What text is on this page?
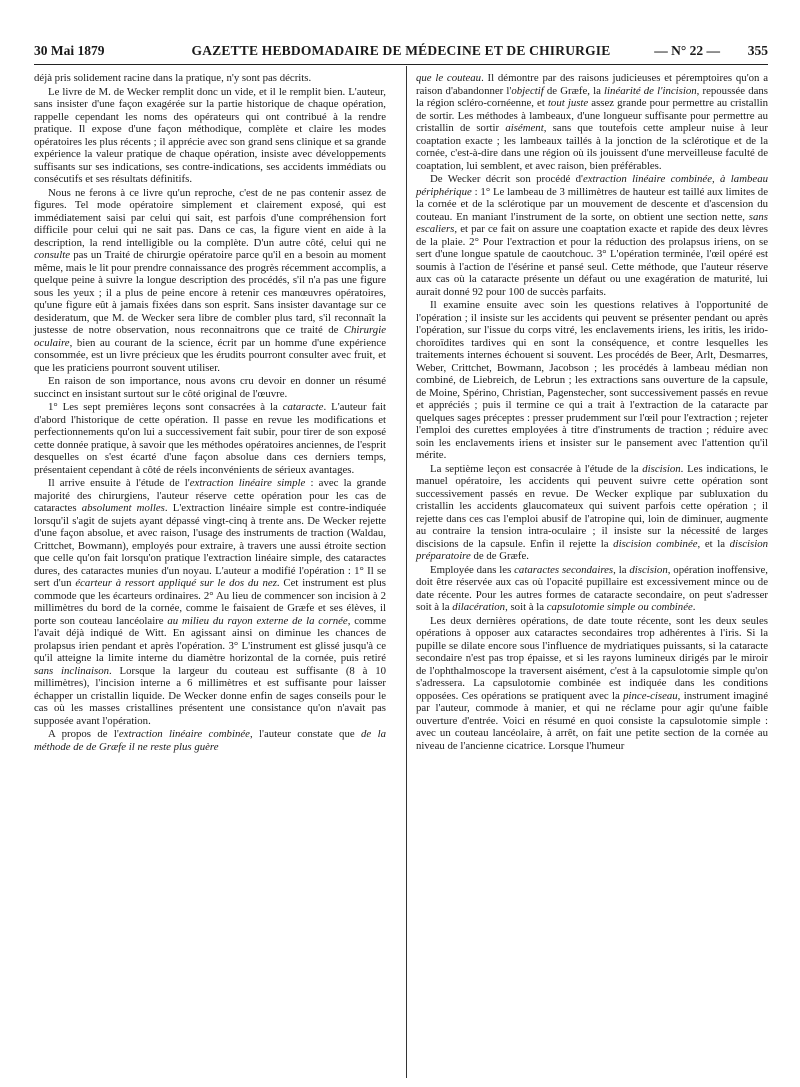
30 Mai 1879	GAZETTE HEBDOMADAIRE DE MÉDECINE ET DE CHIRURGIE	— N° 22 — 355

déjà pris solidement racine dans la pratique, n'y sont pas décrits.

Le livre de M. de Wecker remplit donc un vide, et il le remplit bien. L'auteur, sans insister d'une façon exagérée sur la partie historique de chaque opération, rappelle cependant les noms des opérateurs qui ont contribué à la rendre pratique. Il expose d'une façon méthodique, complète et claire les modes opératoires les plus récents ; il apprécie avec son grand sens clinique et sa grande expérience la valeur pratique de chaque opération, insiste avec développements suffisants sur ses indications, ses contre-indications, ses accidents immédiats ou consécutifs et ses résultats définitifs.

Nous ne ferons à ce livre qu'un reproche, c'est de ne pas contenir assez de figures. Tel mode opératoire simplement et clairement exposé, qui est immédiatement saisi par celui qui sait, est parfois d'une compréhension fort difficile pour celui qui ne sait pas. Dans ce cas, la figure vient en aide à la description, la rend intelligible ou la complète. D'un autre côté, celui qui ne consulte pas un Traité de chirurgie opératoire parce qu'il en a besoin au moment même, mais le lit pour prendre connaissance des progrès récemment accomplis, a quelque peine à suivre la longue description des procédés, s'il n'a pas une figure sous les yeux ; il a plus de peine encore à retenir ces manœuvres opératoires, qu'une figure eût à jamais fixées dans son esprit. Sans insister davantage sur ce desideratum, que M. de Wecker sera libre de combler plus tard, s'il reconnaît la justesse de notre observation, nous reconnaitrons que ce traité de Chirurgie oculaire, bien au courant de la science, écrit par un homme d'une expérience consommée, est un livre précieux que les érudits pourront consulter avec fruit, et que les praticiens pourront souvent utiliser.

En raison de son importance, nous avons cru devoir en donner un résumé succinct en insistant surtout sur le côté original de l'œuvre.

1° Les sept premières leçons sont consacrées à la cataracte. L'auteur fait d'abord l'historique de cette opération. Il passe en revue les modifications et perfectionnements qu'on lui a successivement fait subir, pour tirer de son exposé cette donnée pratique, à savoir que les méthodes opératoires anciennes, de l'esprit desquelles on s'est écarté d'une façon absolue dans ces derniers temps, présentaient cependant à côté de réels inconvénients de sérieux avantages.

Il arrive ensuite à l'étude de l'extraction linéaire simple : avec la grande majorité des chirurgiens, l'auteur réserve cette opération pour les cas de cataractes absolument molles. L'extraction linéaire simple est contre-indiquée lorsqu'il s'agit de sujets ayant dépassé vingt-cinq à trente ans. De Wecker rejette d'une façon absolue, et avec raison, l'usage des instruments de traction (Waldau, Crittchet, Bowmann), employés pour extraire, à travers une aussi étroite section que celle qu'on fait lorsqu'on pratique l'extraction linéaire simple, des cataractes dures, des cataractes munies d'un noyau. L'auteur a modifié l'opération : 1° Il se sert d'un écarteur à ressort appliqué sur le dos du nez. Cet instrument est plus commode que les écarteurs ordinaires. 2° Au lieu de commencer son incision à 2 millimètres du bord de la cornée, comme le faisaient de Græfe et ses élèves, il porte son couteau lancéolaire au milieu du rayon externe de la cornée, comme l'avait déjà indiqué de Witt. En agissant ainsi on diminue les chances de prolapsus irien pendant et après l'opération. 3° L'instrument est glissé jusqu'à ce qu'il atteigne la limite interne du diamètre horizontal de la cornée, puis retiré sans inclinaison. Lorsque la largeur du couteau est suffisante (8 à 10 millimètres), l'incision interne a 6 millimètres et est suffisante pour laisser échapper un cristallin liquide. De Wecker donne enfin de sages conseils pour le cas où les masses cristallines présentent une consistance qu'on n'avait pas supposée avant l'opération.

A propos de l'extraction linéaire combinée, l'auteur constate que de la méthode de de Græfe il ne reste plus guère

que le couteau. Il démontre par des raisons judicieuses et péremptoires qu'on a raison d'abandonner l'objectif de Græfe, la linéarité de l'incision, repoussée dans la région scléro-cornéenne, et tout juste assez grande pour permettre au cristallin de sortir. Les méthodes à lambeaux, d'une longueur suffisante pour permettre au cristallin de sortir aisément, sans que toutefois cette ampleur nuise à leur coaptation exacte ; les lambeaux taillés à la jonction de la sclérotique et de la cornée, c'est-à-dire dans une région où ils jouissent d'une merveilleuse faculté de coaptation, lui semblent, et avec raison, bien préférables.

De Wecker décrit son procédé d'extraction linéaire combinée, à lambeau périphérique : 1° Le lambeau de 3 millimètres de hauteur est taillé aux limites de la cornée et de la sclérotique par un mouvement de descente et d'ascension du couteau. En maniant l'instrument de la sorte, on obtient une section nette, sans escaliers, et par ce fait on assure une coaptation exacte et rapide des deux lèvres de la plaie. 2° Pour l'extraction et pour la réduction des prolapsus iriens, on se sert d'une longue spatule de caoutchouc. 3° L'opération terminée, l'œil opéré est soumis à l'action de l'ésérine et pansé seul. Cette méthode, que l'auteur réserve aux cas où la cataracte présente un défaut ou une exagération de maturité, lui aurait donné 92 pour 100 de succès parfaits.

Il examine ensuite avec soin les questions relatives à l'opportunité de l'opération ; il insiste sur les accidents qui peuvent se présenter pendant ou après l'opération, sur l'issue du corps vitré, les enclavements iriens, les iritis, les irido-choroïdites tardives qui en sont la conséquence, et contre lesquelles les traitements internes échouent si souvent. Les procédés de Beer, Arlt, Desmarres, Weber, Crittchet, Bowmann, Jacobson ; les procédés à lambeau médian non combiné, de Liebreich, de Lebrun ; les extractions sans ouverture de la capsule, de Moine, Spérino, Christian, Pagenstecher, sont successivement passés en revue et appréciés ; puis il termine ce qui a trait à l'extraction de la cataracte par quelques sages préceptes : presser prudemment sur l'œil pour l'extraction ; rejeter l'emploi des curettes employées à titre d'instruments de traction ; réduire avec soin les enclavements iriens et insister sur le pansement avec l'attention qu'il mérite.

La septième leçon est consacrée à l'étude de la discision. Les indications, le manuel opératoire, les accidents qui peuvent suivre cette opération sont successivement passés en revue. De Wecker explique par subluxation du cristallin les accidents glaucomateux qui suivent parfois cette opération ; il rejette dans ces cas l'emploi abusif de l'atropine qui, loin de diminuer, augmente au contraire la tension intra-oculaire ; il insiste sur la nécessité de larges discisions de la capsule. Enfin il rejette la discision combinée, et la discision préparatoire de de Græfe.

Employée dans les cataractes secondaires, la discision, opération inoffensive, doit être réservée aux cas où l'opacité pupillaire est excessivement mince ou de date récente. Pour les autres formes de cataracte secondaire, on peut s'adresser soit à la dilacération, soit à la capsulotomie simple ou combinée.

Les deux dernières opérations, de date toute récente, sont les deux seules opérations à opposer aux cataractes secondaires trop adhérentes à l'iris. Si la pupille se dilate encore sous l'influence de mydriatiques puissants, si la cataracte secondaire n'est pas trop épaisse, et si les rayons lumineux dirigés par le miroir de l'ophthalmoscope la traversent aisément, c'est à la capsulotomie simple qu'on s'adressera. La capsulotomie combinée est indiquée dans les conditions opposées. Ces opérations se pratiquent avec la pince-ciseau, instrument imaginé par l'auteur, commode à manier, et qui ne réclame pour agir qu'une faible ouverture d'entrée. Voici en résumé en quoi consiste la capsulotomie simple : avec un couteau lancéolaire, à arrêt, on fait une petite section de la cornée au niveau de l'ancienne cicatrice. Lorsque l'humeur
